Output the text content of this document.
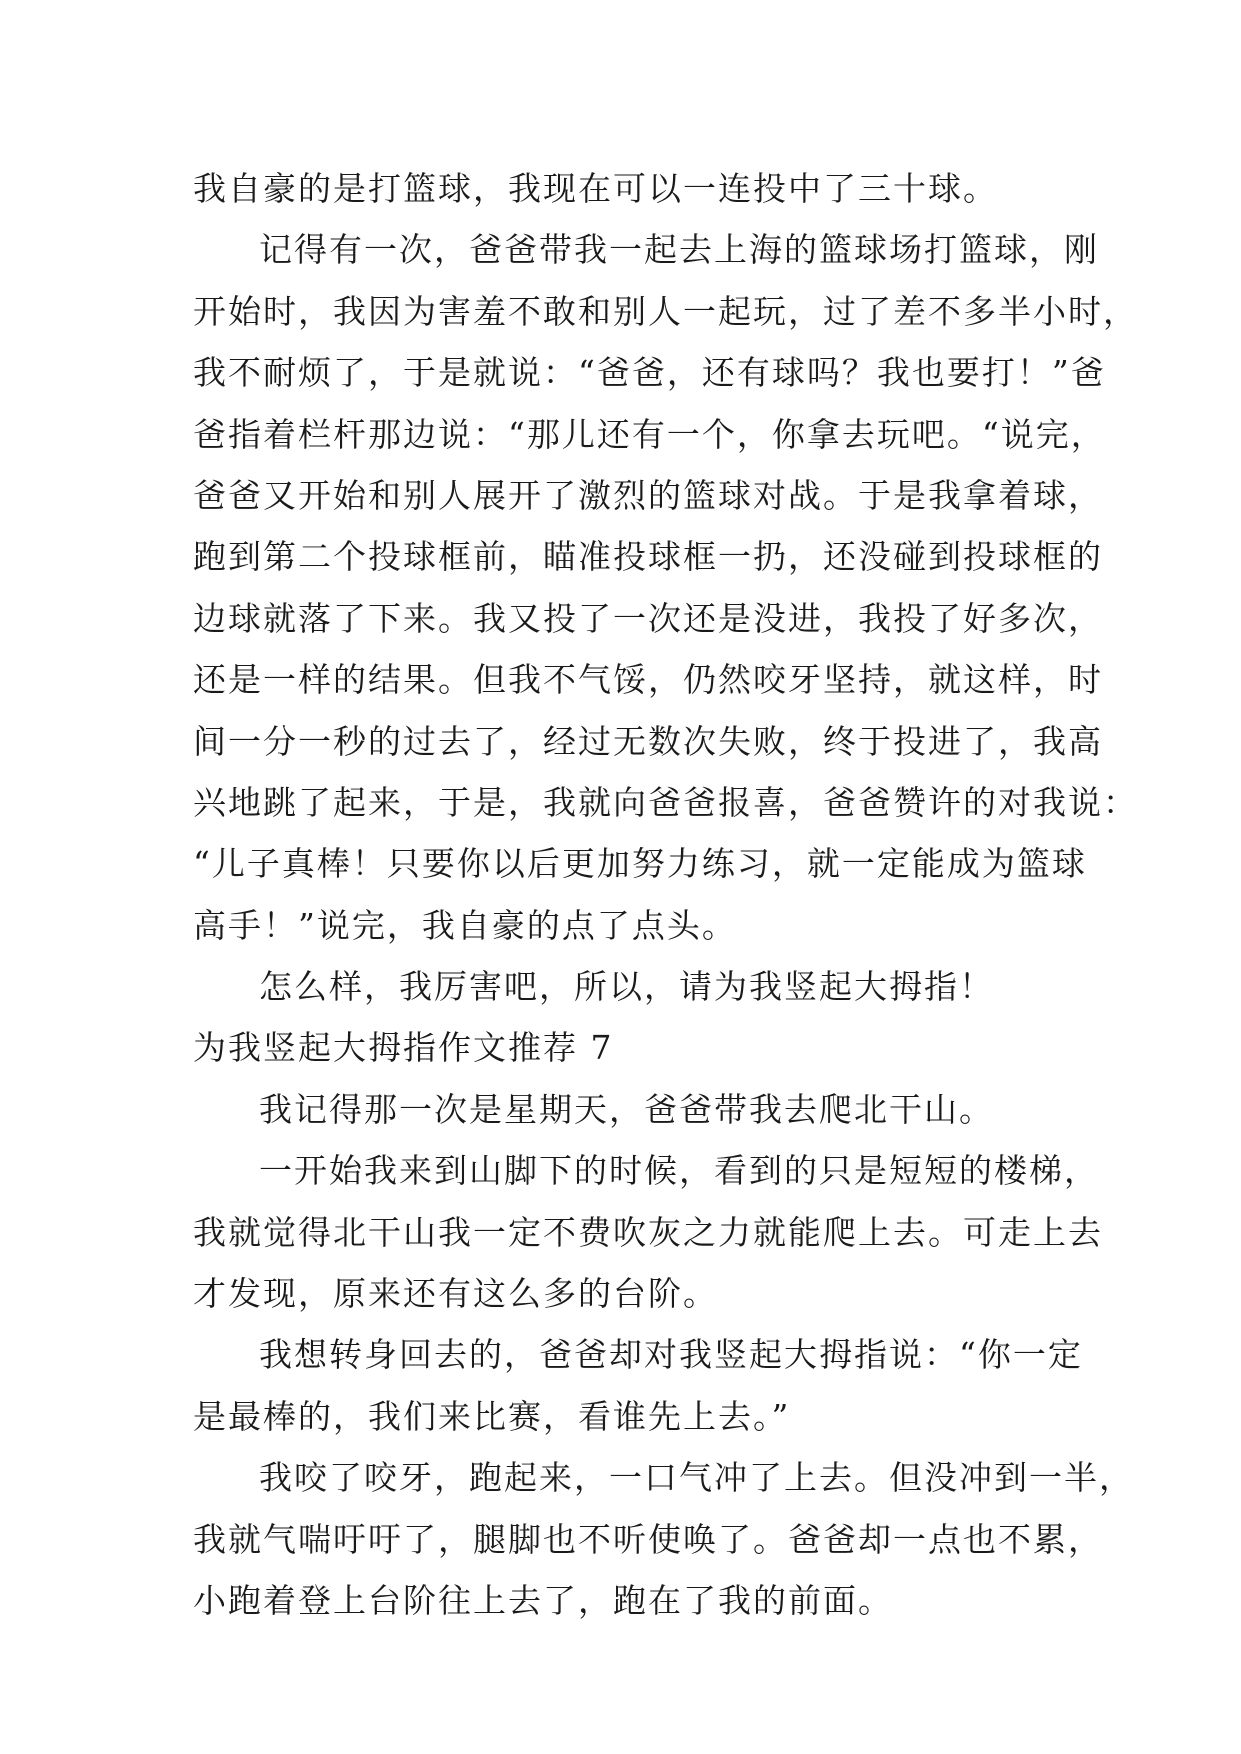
我自豪的是打篮球，我现在可以一连投中了三十球。
记得有一次，爸爸带我一起去上海的篮球场打篮球，刚
开始时，我因为害羞不敢和别人一起玩，过了差不多半小时，
我不耐烦了，于是就说：“爸爸，还有球吗？我也要打！”爸
爸指着栏杆那边说：“那儿还有一个，你拿去玩吧。“说完，
爸爸又开始和别人展开了激烈的篮球对战。于是我拿着球，
跑到第二个投球框前，瞄准投球框一扔，还没碰到投球框的
边球就落了下来。我又投了一次还是没进，我投了好多次，
还是一样的结果。但我不气馁，仍然咬牙坚持，就这样，时
间一分一秒的过去了，经过无数次失败，终于投进了，我高
兴地跳了起来，于是，我就向爸爸报喜，爸爸赞许的对我说：
“儿子真棒！只要你以后更加努力练习，就一定能成为篮球
高手！”说完，我自豪的点了点头。
怎么样，我厉害吧，所以，请为我竖起大拇指！
为我竖起大拇指作文推荐 7
我记得那一次是星期天，爸爸带我去爬北干山。
一开始我来到山脚下的时候，看到的只是短短的楼梯，
我就觉得北干山我一定不费吹灰之力就能爬上去。可走上去
才发现，原来还有这么多的台阶。
我想转身回去的，爸爸却对我竖起大拇指说：“你一定
是最棒的，我们来比赛，看谁先上去。”
我咬了咬牙，跑起来，一口气冲了上去。但没冲到一半，
我就气喘吁吁了，腿脚也不听使唤了。爸爸却一点也不累，
小跑着登上台阶往上去了，跑在了我的前面。
